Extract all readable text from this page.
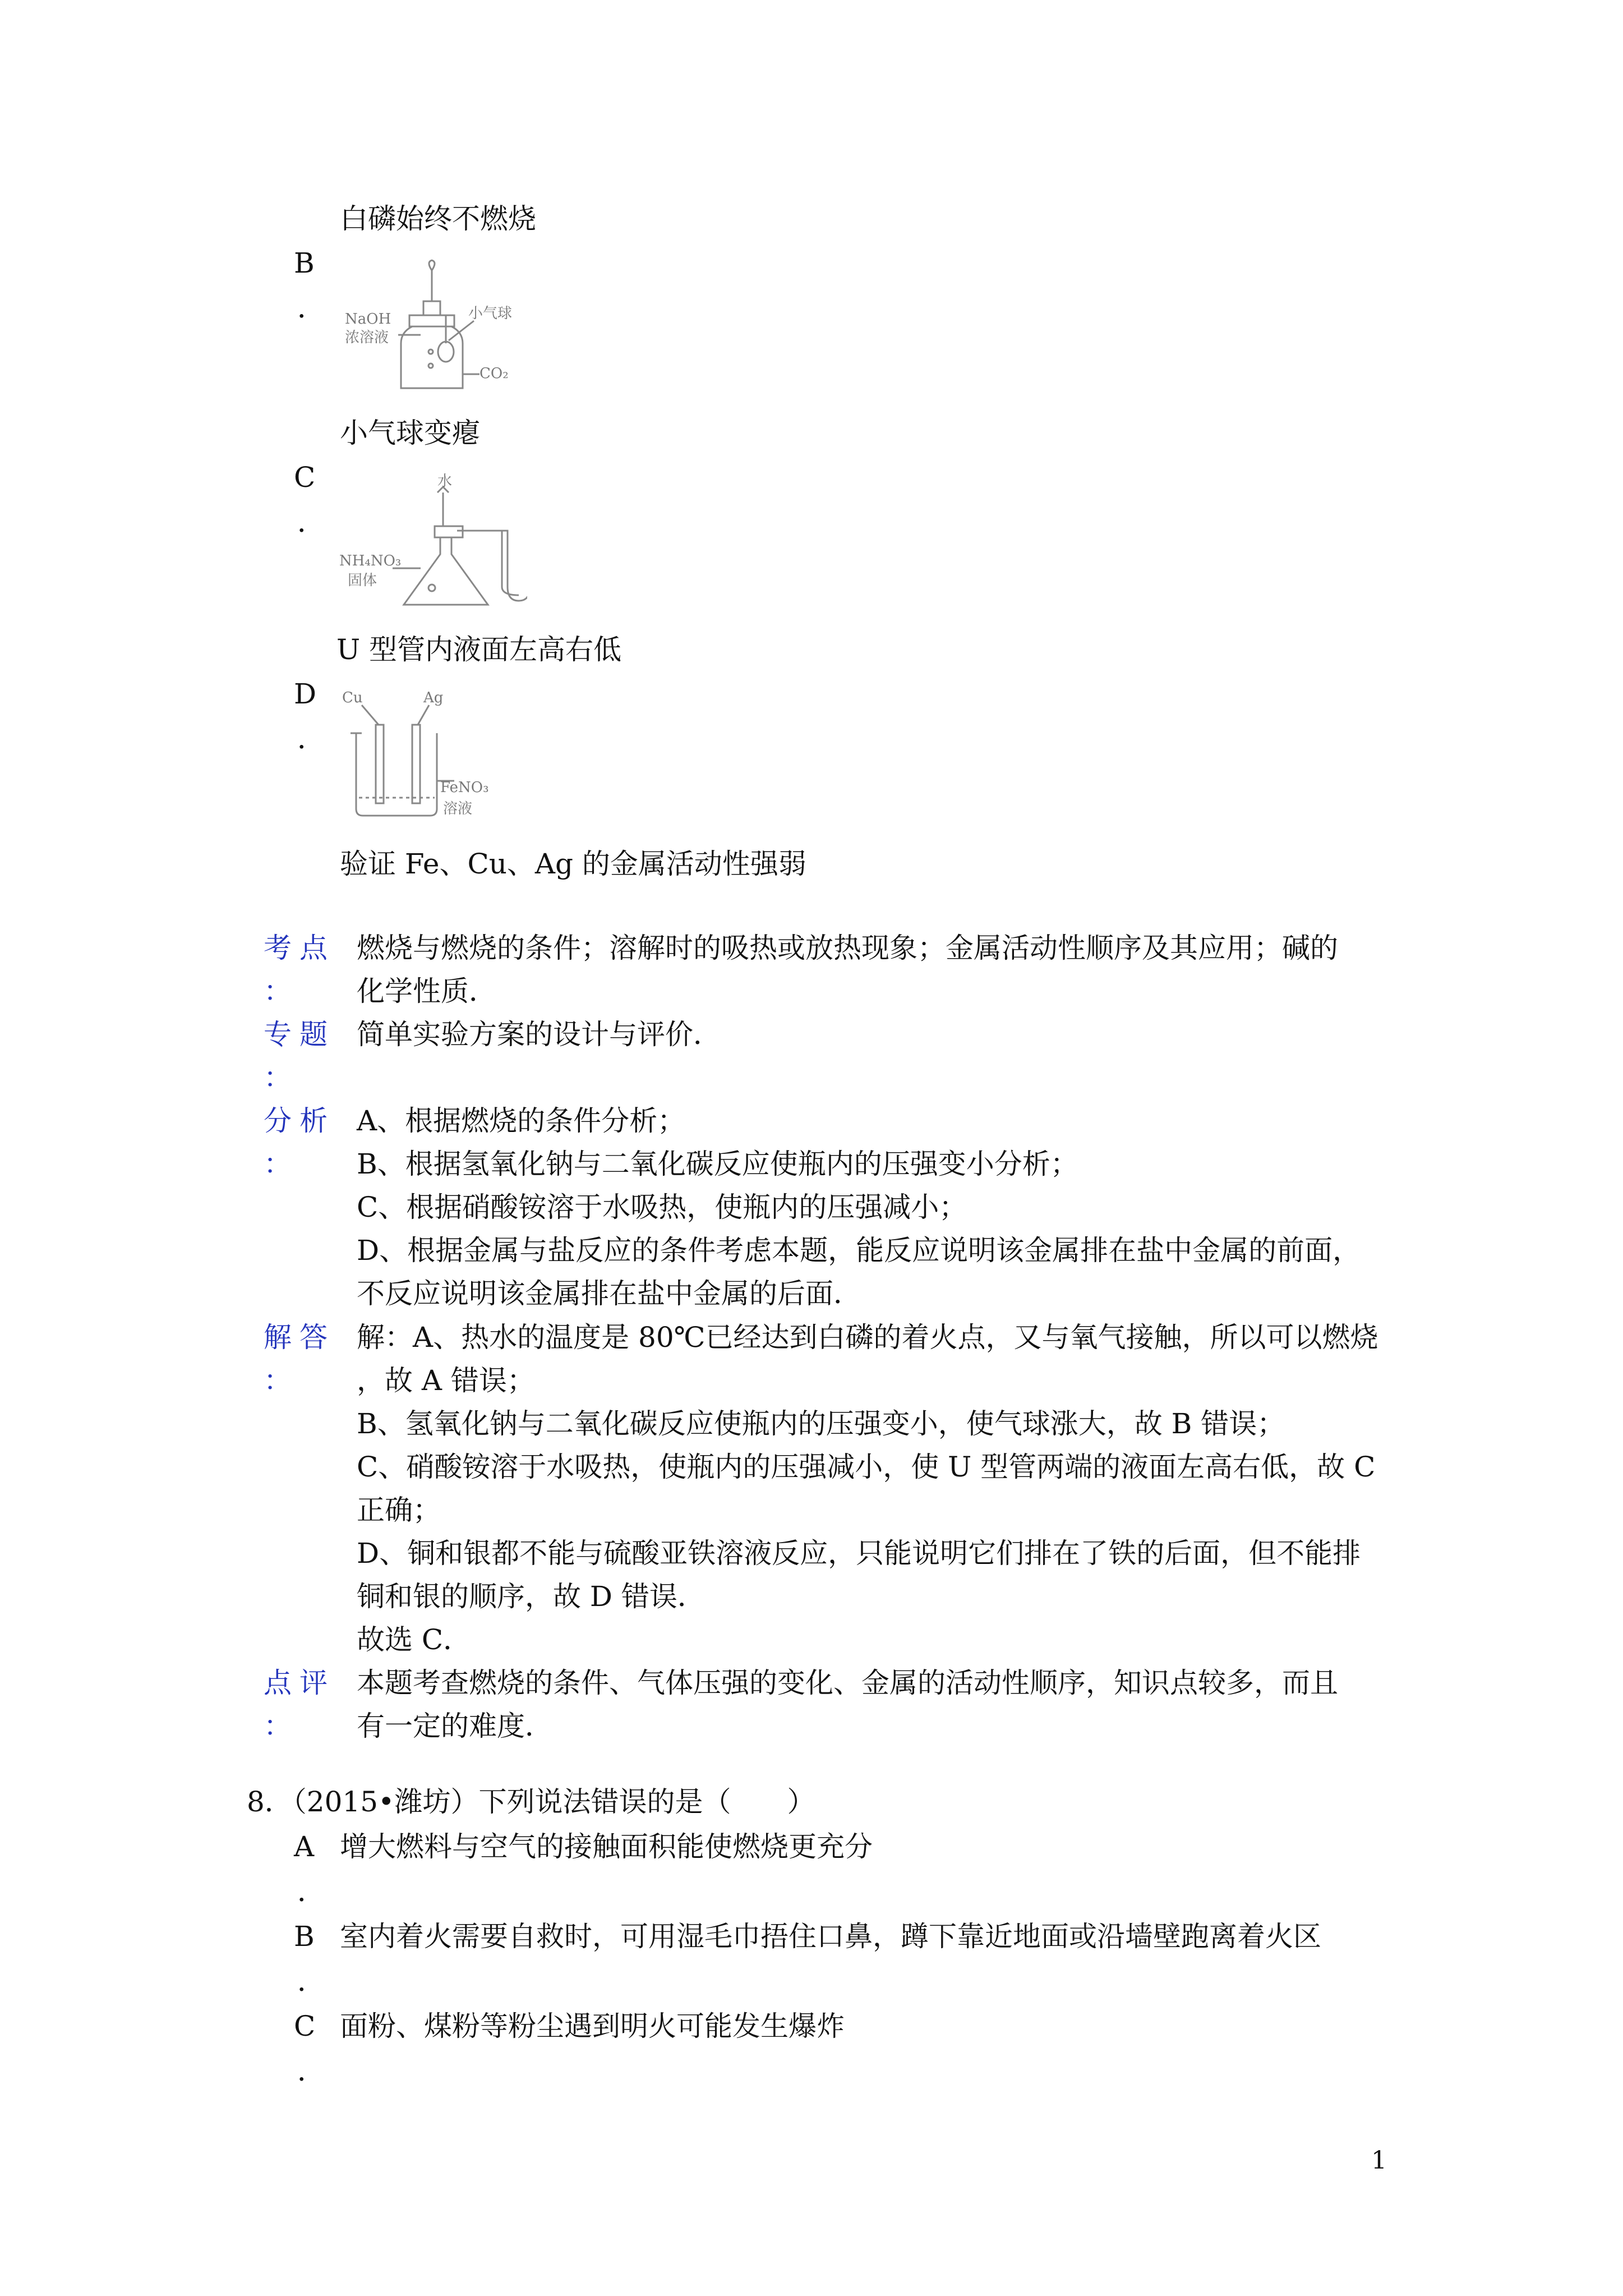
白磷始终不燃烧
B
． NaOH
浓溶液
小气球
CO₂
小气球变瘪
C
．
水
NH₄NO₃
固体
U 型管内液面左高右低
D
．
Cu	Ag
FeNO₃
溶液
验证 Fe、Cu、Ag 的金属活动性强弱
考点
：
燃烧与燃烧的条件；溶解时的吸热或放热现象；金属活动性顺序及其应用；碱的
化学性质．
专题
：
简单实验方案的设计与评价．
分析
：
A、根据燃烧的条件分析；
B、根据氢氧化钠与二氧化碳反应使瓶内的压强变小分析；
C、根据硝酸铵溶于水吸热，使瓶内的压强减小；
D、根据金属与盐反应的条件考虑本题，能反应说明该金属排在盐中金属的前面，
不反应说明该金属排在盐中金属的后面．
解答
：
解：A、热水的温度是 80℃已经达到白磷的着火点，又与氧气接触，所以可以燃烧
，故 A 错误；
B、氢氧化钠与二氧化碳反应使瓶内的压强变小，使气球涨大，故 B 错误；
C、硝酸铵溶于水吸热，使瓶内的压强减小，使 U 型管两端的液面左高右低，故 C
正确；
D、铜和银都不能与硫酸亚铁溶液反应，只能说明它们排在了铁的后面，但不能排
铜和银的顺序，故 D 错误．
故选 C．
点评
：
本题考查燃烧的条件、气体压强的变化、金属的活动性顺序，知识点较多，而且
有一定的难度．
8．（2015•潍坊）下列说法错误的是（　　）
A 增大燃料与空气的接触面积能使燃烧更充分
．
B 室内着火需要自救时，可用湿毛巾捂住口鼻，蹲下靠近地面或沿墙壁跑离着火区
．
C 面粉、煤粉等粉尘遇到明火可能发生爆炸
．
1
